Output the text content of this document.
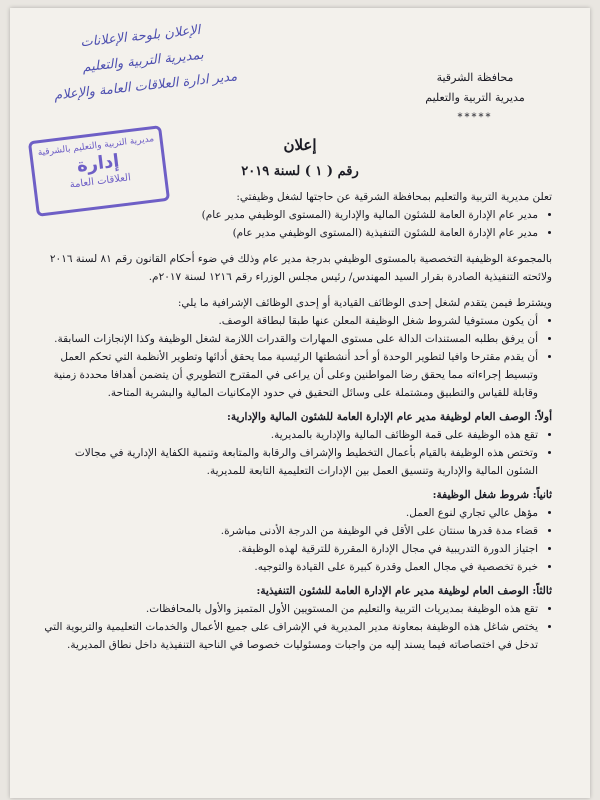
محافظة الشرقية
مديرية التربية والتعليم
*****
الإعلان بلوحة الإعلانات
بمديرية التربية والتعليم
مدير ادارة العلاقات العامة والإعلام
مديرية التربية والتعليم بالشرقية
إدارة
العلاقات العامة
إعلان
رقم ( ١ ) لسنة ٢٠١٩

تعلن مديرية التربية والتعليم بمحافظة الشرقية عن حاجتها لشغل وظيفتي:

• مدير عام الإدارة العامة للشئون المالية والإدارية (المستوى الوظيفي مدير عام)
• مدير عام الإدارة العامة للشئون التنفيذية (المستوى الوظيفي مدير عام)

بالمجموعة الوظيفية التخصصية بالمستوى الوظيفي بدرجة مدير عام وذلك في ضوء أحكام القانون رقم ٨١ لسنة ٢٠١٦ ولائحته التنفيذية الصادرة بقرار السيد المهندس/ رئيس مجلس الوزراء رقم ١٢١٦ لسنة ٢٠١٧م.

ويشترط فيمن يتقدم لشغل إحدى الوظائف القيادية أو إحدى الوظائف الإشرافية ما يلي:

• أن يكون مستوفيا لشروط شغل الوظيفة المعلن عنها طبقا لبطاقة الوصف.
• أن يرفق بطلبه المستندات الدالة على مستوى المهارات والقدرات اللازمة لشغل الوظيفة وكذا الإنجازات السابقة.
• أن يقدم مقترحا وافيا لتطوير الوحدة أو أحد أنشطتها الرئيسية مما يحقق أدائها وتطوير الأنظمة التي تحكم العمل وتبسيط إجراءاته مما يحقق رضا المواطنين وعلى أن يراعى في المقترح التطويري أن يتضمن أهدافا محددة زمنية وقابلة للقياس والتطبيق ومشتملة على وسائل التحقيق في حدود الإمكانيات المالية والبشرية المتاحة.

أولاً: الوصف العام لوظيفة مدير عام الإدارة العامة للشئون المالية والإدارية:

• تقع هذه الوظيفة على قمة الوظائف المالية والإدارية بالمديرية.
• وتختص هذه الوظيفة بالقيام بأعمال التخطيط والإشراف والرقابة والمتابعة وتنمية الكفاية الإدارية في مجالات الشئون المالية والإدارية وتنسيق العمل بين الإدارات التعليمية التابعة للمديرية.

ثانياً: شروط شغل الوظيفة:

• مؤهل عالي تجاري لنوع العمل.
• قضاء مدة قدرها سنتان على الأقل في الوظيفة من الدرجة الأدنى مباشرة.
• اجتياز الدورة التدريبية في مجال الإدارة المقررة للترقية لهذه الوظيفة.
• خبرة تخصصية في مجال العمل وقدرة كبيرة على القيادة والتوجيه.

ثالثاً: الوصف العام لوظيفة مدير عام الإدارة العامة للشئون التنفيذية:

• تقع هذه الوظيفة بمديريات التربية والتعليم من المستويين الأول المتميز والأول بالمحافظات.
• يختص شاغل هذه الوظيفة بمعاونة مدير المديرية في الإشراف على جميع الأعمال والخدمات التعليمية والتربوية التي تدخل في اختصاصاته فيما يسند إليه من واجبات ومسئوليات خصوصا في الناحية التنفيذية داخل نطاق المديرية.
